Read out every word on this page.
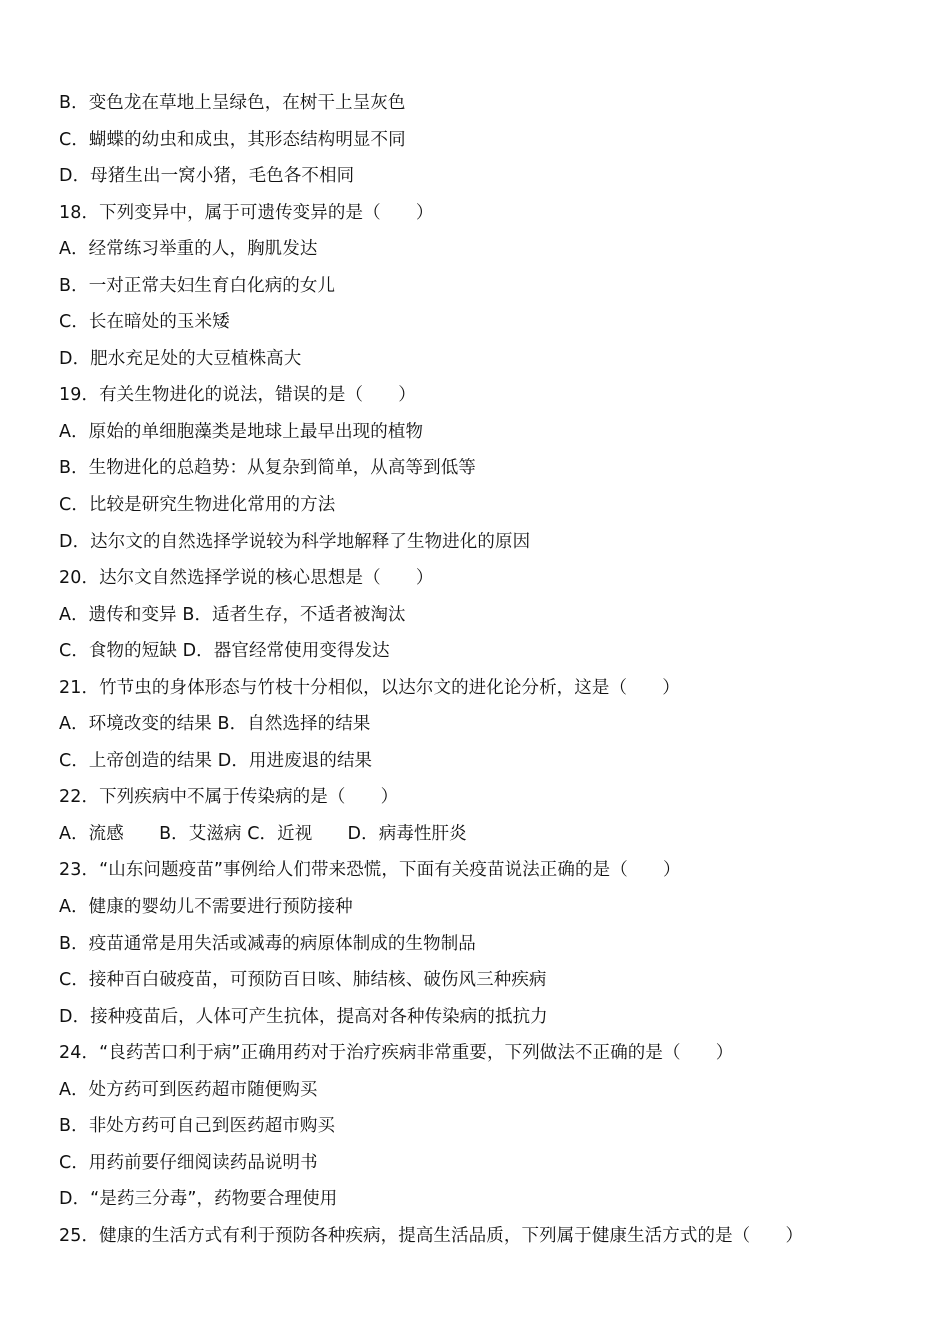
B．变色龙在草地上呈绿色，在树干上呈灰色
C．蝴蝶的幼虫和成虫，其形态结构明显不同
D．母猪生出一窝小猪，毛色各不相同
18．下列变异中，属于可遗传变异的是（　　）
A．经常练习举重的人，胸肌发达
B．一对正常夫妇生育白化病的女儿
C．长在暗处的玉米矮
D．肥水充足处的大豆植株高大
19．有关生物进化的说法，错误的是（　　）
A．原始的单细胞藻类是地球上最早出现的植物
B．生物进化的总趋势：从复杂到简单，从高等到低等
C．比较是研究生物进化常用的方法
D．达尔文的自然选择学说较为科学地解释了生物进化的原因
20．达尔文自然选择学说的核心思想是（　　）
A．遗传和变异 B．适者生存，不适者被淘汰
C．食物的短缺 D．器官经常使用变得发达
21．竹节虫的身体形态与竹枝十分相似，以达尔文的进化论分析，这是（　　）
A．环境改变的结果 B．自然选择的结果
C．上帝创造的结果 D．用进废退的结果
22．下列疾病中不属于传染病的是（　　）
A．流感　　B．艾滋病 C．近视　　D．病毒性肝炎
23．“山东问题疫苗”事例给人们带来恐慌，下面有关疫苗说法正确的是（　　）
A．健康的婴幼儿不需要进行预防接种
B．疫苗通常是用失活或减毒的病原体制成的生物制品
C．接种百白破疫苗，可预防百日咳、肺结核、破伤风三种疾病
D．接种疫苗后，人体可产生抗体，提高对各种传染病的抵抗力
24．“良药苦口利于病”正确用药对于治疗疾病非常重要，下列做法不正确的是（　　）
A．处方药可到医药超市随便购买
B．非处方药可自己到医药超市购买
C．用药前要仔细阅读药品说明书
D．“是药三分毒”，药物要合理使用
25．健康的生活方式有利于预防各种疾病，提高生活品质，下列属于健康生活方式的是（　　）
